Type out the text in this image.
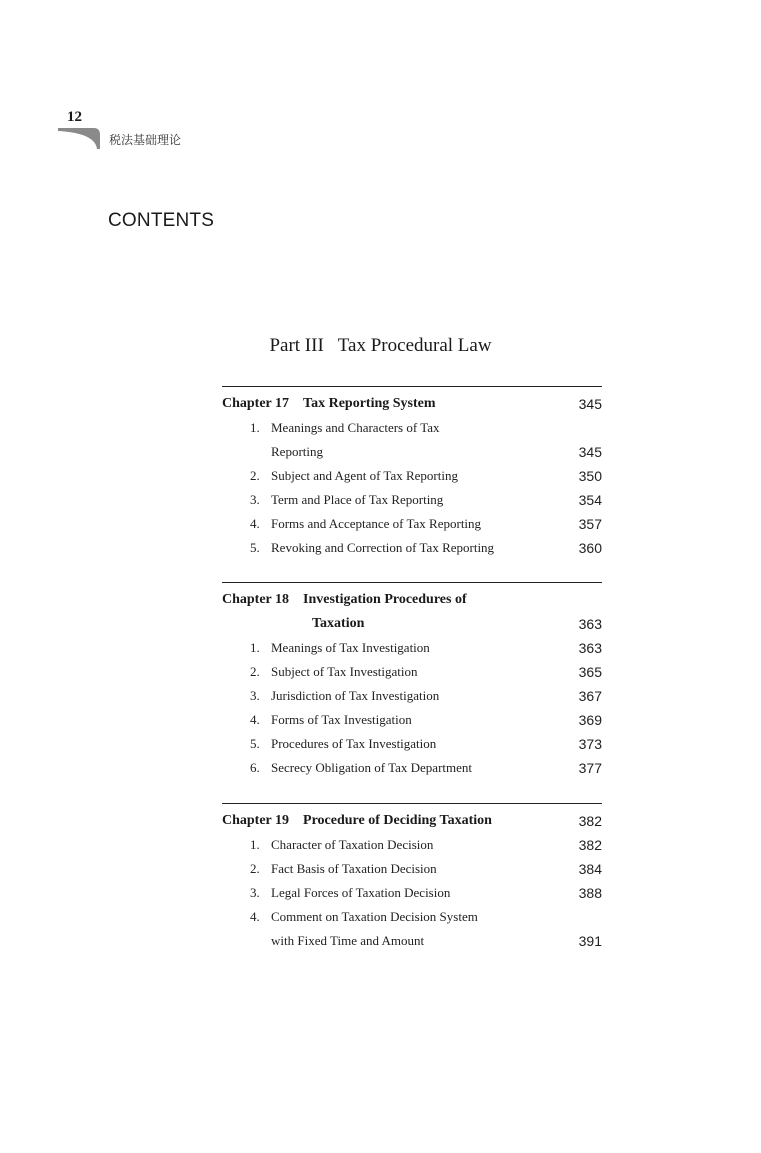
12
税法基础理论
CONTENTS
Part III Tax Procedural Law
Chapter 17 Tax Reporting System	345
1. Meanings and Characters of Tax
Reporting	345
2. Subject and Agent of Tax Reporting	350
3. Term and Place of Tax Reporting	354
4. Forms and Acceptance of Tax Reporting	357
5. Revoking and Correction of Tax Reporting	360
Chapter 18 Investigation Procedures of
Taxation	363
1. Meanings of Tax Investigation	363
2. Subject of Tax Investigation	365
3. Jurisdiction of Tax Investigation	367
4. Forms of Tax Investigation	369
5. Procedures of Tax Investigation	373
6. Secrecy Obligation of Tax Department	377
Chapter 19 Procedure of Deciding Taxation	382
1. Character of Taxation Decision	382
2. Fact Basis of Taxation Decision	384
3. Legal Forces of Taxation Decision	388
4. Comment on Taxation Decision System
with Fixed Time and Amount	391
